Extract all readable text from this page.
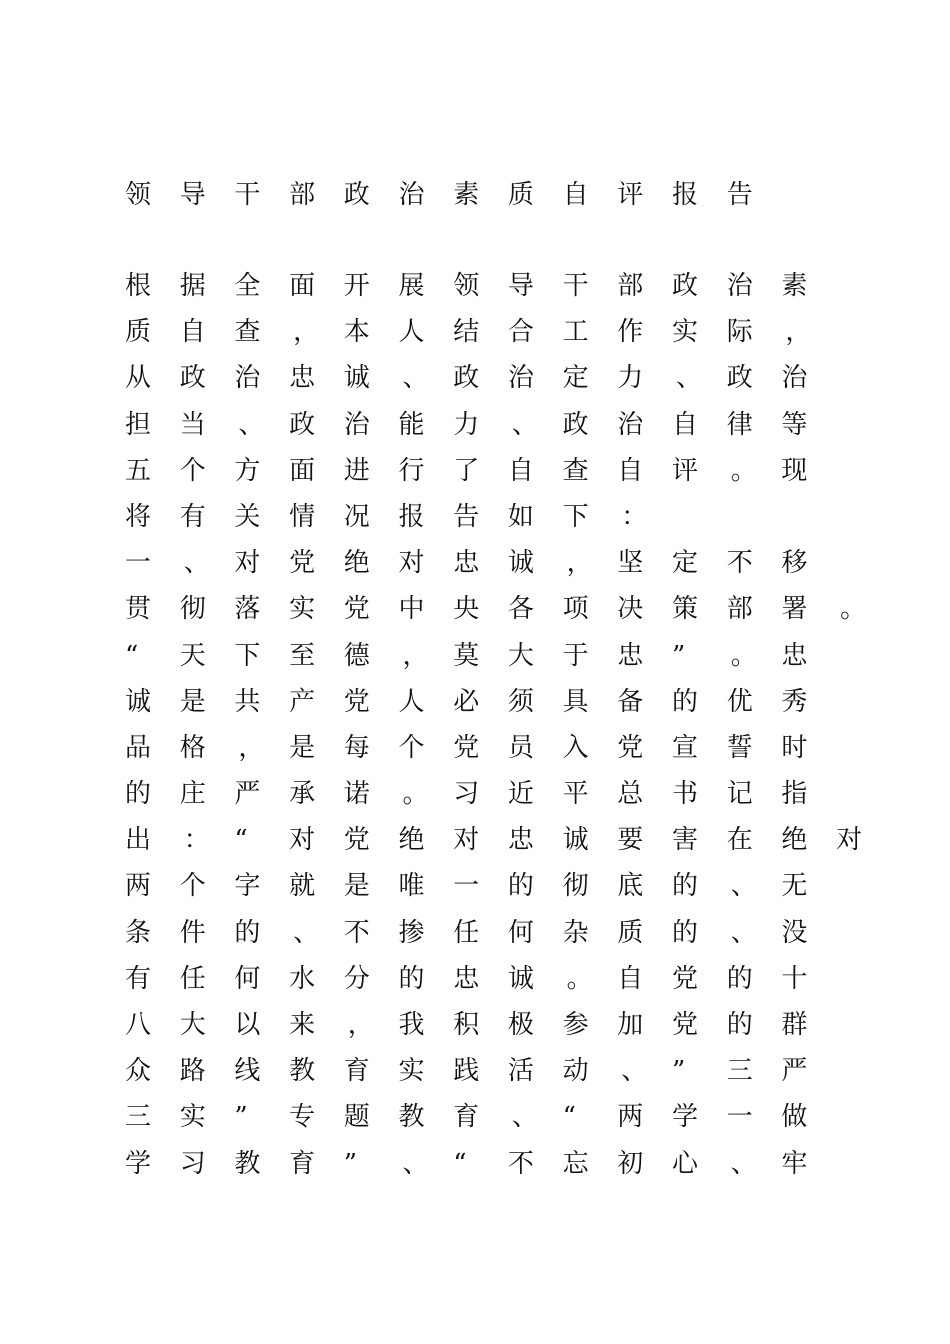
领 导 干 部 政 治 素 质 自 评 报 告
根 据 全 面 开 展 领 导 干 部 政 治 素
质 自 查 ， 本 人 结 合 工 作 实 际 ，
从 政 治 忠 诚 、 政 治 定 力 、 政 治
担 当 、 政 治 能 力 、 政 治 自 律 等
五 个 方 面 进 行 了 自 查 自 评 。 现
将 有 关 情 况 报 告 如 下 ：
一 、 对 党 绝 对 忠 诚 ， 坚 定 不 移
贯 彻 落 实 党 中 央 各 项 决 策 部 署 。
“	天 下 至 德 ， 莫 大 于 忠 ”	。 忠
诚 是 共 产 党 人 必 须 具 备 的 优 秀
品 格 ， 是 每 个 党 员 入 党 宣 誓 时
的 庄 严 承 诺 。 习 近 平 总 书 记 指
出 ： “	对 党 绝 对 忠 诚 要 害 在 绝 对
两 个 字 就 是 唯 一 的 彻 底 的 、 无
条 件 的 、 不 掺 任 何 杂 质 的 、 没
有 任 何 水 分 的 忠 诚 。 自 党 的 十
八 大 以 来 ， 我 积 极 参 加 党 的 群
众 路 线 教 育 实 践 活 动 、 ”	三 严
三 实 ”	专 题 教 育 、 “	两 学 一 做
学 习 教 育 ”	、 “	不 忘 初 心 、 牢
